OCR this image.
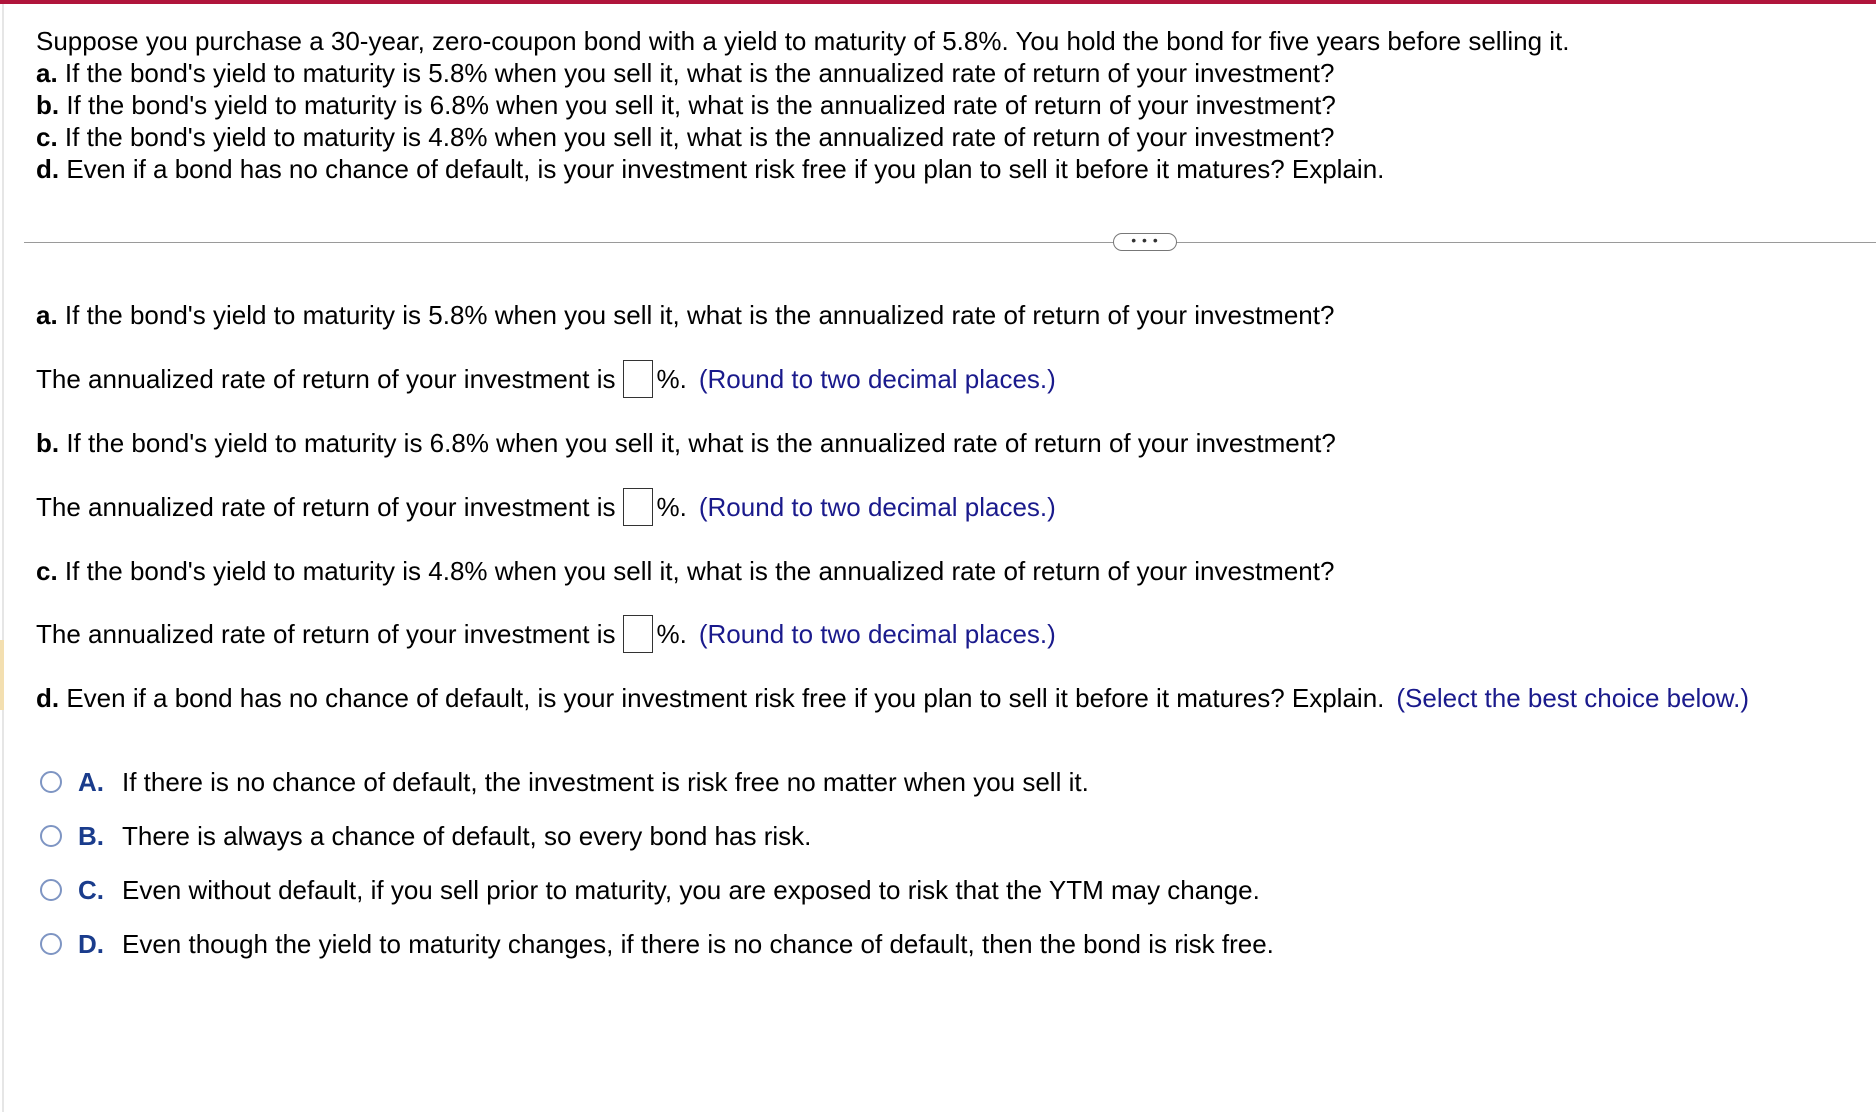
Suppose you purchase a 30-year, zero-coupon bond with a yield to maturity of 5.8%. You hold the bond for five years before selling it.
a. If the bond's yield to maturity is 5.8% when you sell it, what is the annualized rate of return of your investment?
b. If the bond's yield to maturity is 6.8% when you sell it, what is the annualized rate of return of your investment?
c. If the bond's yield to maturity is 4.8% when you sell it, what is the annualized rate of return of your investment?
d. Even if a bond has no chance of default, is your investment risk free if you plan to sell it before it matures? Explain.
• • •
a. If the bond's yield to maturity is 5.8% when you sell it, what is the annualized rate of return of your investment?
The annualized rate of return of your investment is %. (Round to two decimal places.)
b. If the bond's yield to maturity is 6.8% when you sell it, what is the annualized rate of return of your investment?
The annualized rate of return of your investment is %. (Round to two decimal places.)
c. If the bond's yield to maturity is 4.8% when you sell it, what is the annualized rate of return of your investment?
The annualized rate of return of your investment is %. (Round to two decimal places.)
d. Even if a bond has no chance of default, is your investment risk free if you plan to sell it before it matures? Explain. (Select the best choice below.)
A. If there is no chance of default, the investment is risk free no matter when you sell it.
B. There is always a chance of default, so every bond has risk.
C. Even without default, if you sell prior to maturity, you are exposed to risk that the YTM may change.
D. Even though the yield to maturity changes, if there is no chance of default, then the bond is risk free.
